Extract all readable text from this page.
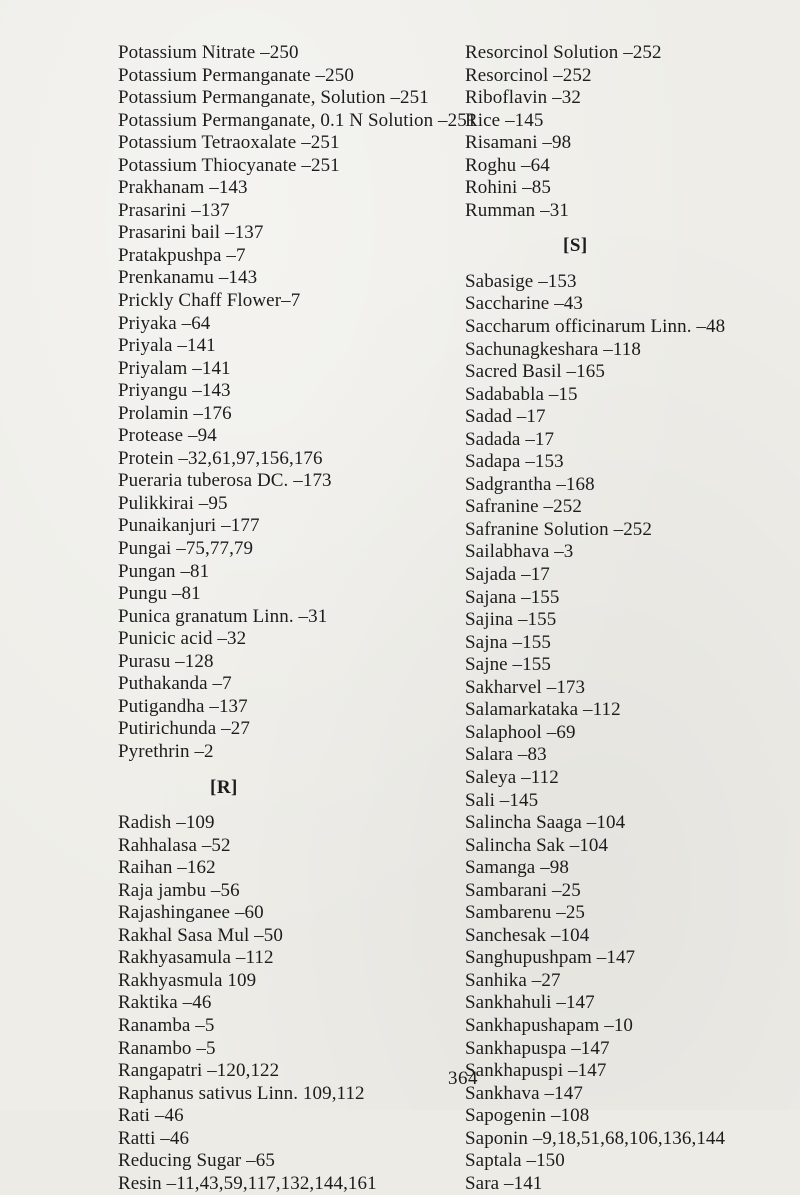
Potassium Nitrate –250
Potassium Permanganate –250
Potassium Permanganate, Solution –251
Potassium Permanganate, 0.1 N Solution –251
Potassium Tetraoxalate –251
Potassium Thiocyanate –251
Prakhanam –143
Prasarini –137
Prasarini bail –137
Pratakpushpa –7
Prenkanamu –143
Prickly Chaff Flower–7
Priyaka –64
Priyala –141
Priyalam –141
Priyangu –143
Prolamin –176
Protease –94
Protein –32,61,97,156,176
Pueraria tuberosa DC. –173
Pulikkirai –95
Punaikanjuri –177
Pungai –75,77,79
Pungan –81
Pungu –81
Punica granatum Linn. –31
Punicic acid –32
Purasu –128
Puthakanda –7
Putigandha –137
Putirichunda –27
Pyrethrin –2
[R]
Radish –109
Rahhalasa –52
Raihan –162
Raja jambu –56
Rajashinganee –60
Rakhal Sasa Mul –50
Rakhyasamula –112
Rakhyasmula 109
Raktika –46
Ranamba –5
Ranambo –5
Rangapatri –120,122
Raphanus sativus Linn. 109,112
Rati –46
Ratti –46
Reducing Sugar –65
Resin –11,43,59,117,132,144,161
Resorcinol Solution –252
Resorcinol –252
Riboflavin –32
Rice –145
Risamani –98
Roghu –64
Rohini –85
Rumman –31
[S]
Sabasige –153
Saccharine –43
Saccharum officinarum Linn. –48
Sachunagkeshara –118
Sacred Basil –165
Sadababla –15
Sadad –17
Sadada –17
Sadapa –153
Sadgrantha –168
Safranine –252
Safranine Solution –252
Sailabhava –3
Sajada –17
Sajana –155
Sajina –155
Sajna –155
Sajne –155
Sakharvel –173
Salamarkataka –112
Salaphool –69
Salara –83
Saleya –112
Sali –145
Salincha Saaga –104
Salincha Sak –104
Samanga –98
Sambarani –25
Sambarenu –25
Sanchesak –104
Sanghupushpam –147
Sanhika –27
Sankhahuli –147
Sankhapushapam –10
Sankhapuspa –147
Sankhapuspi –147
Sankhava –147
Sapogenin –108
Saponin –9,18,51,68,106,136,144
Saptala –150
Sara –141
364
